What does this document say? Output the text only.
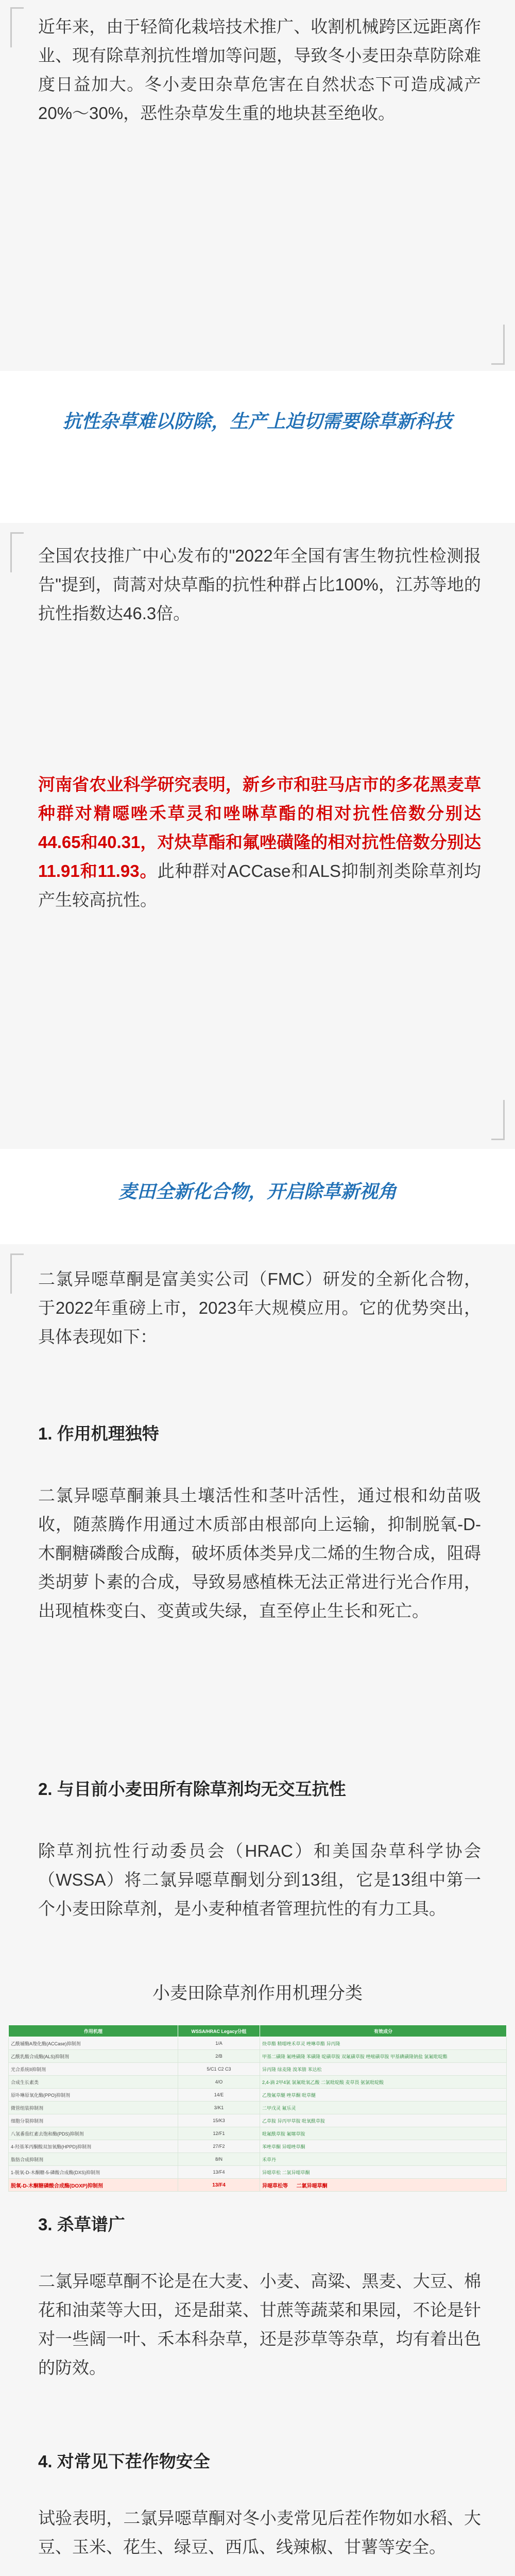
近年来，由于轻简化栽培技术推广、收割机械跨区远距离作业、现有除草剂抗性增加等问题，导致冬小麦田杂草防除难度日益加大。冬小麦田杂草危害在自然状态下可造成减产20%～30%，恶性杂草发生重的地块甚至绝收。

抗性杂草难以防除，生产上迫切需要除草新科技

全国农技推广中心发布的"2022年全国有害生物抗性检测报告"提到，茼蒿对炔草酯的抗性种群占比100%，江苏等地的抗性指数达46.3倍。

河南省农业科学研究表明，新乡市和驻马店市的多花黑麦草种群对精噁唑禾草灵和唑啉草酯的相对抗性倍数分别达44.65和40.31，对炔草酯和氟唑磺隆的相对抗性倍数分别达11.91和11.93。此种群对ACCase和ALS抑制剂类除草剂均产生较高抗性。

麦田全新化合物，开启除草新视角

二氯异噁草酮是富美实公司（FMC）研发的全新化合物，于2022年重磅上市，2023年大规模应用。它的优势突出，具体表现如下：

1. 作用机理独特

二氯异噁草酮兼具土壤活性和茎叶活性，通过根和幼苗吸收，随蒸腾作用通过木质部由根部向上运输，抑制脱氧-D-木酮糖磷酸合成酶，破坏质体类异戊二烯的生物合成，阻碍类胡萝卜素的合成，导致易感植株无法正常进行光合作用，出现植株变白、变黄或失绿，直至停止生长和死亡。

2. 与目前小麦田所有除草剂均无交互抗性

除草剂抗性行动委员会（HRAC）和美国杂草科学协会（WSSA）将二氯异噁草酮划分到13组，它是13组中第一个小麦田除草剂，是小麦种植者管理抗性的有力工具。

小麦田除草剂作用机理分类
作用机理	WSSA/HRAC Legacy分组	有效成分
乙酰辅酶A羧化酶(ACCase)抑制剂	1/A	炔草酯 精噁唑禾草灵 唑啉草酯 异丙隆
乙酰乳酸合成酶(ALS)抑制剂	2/B	甲基二磺隆 氟唑磺隆 苯磺隆 啶磺草胺 双氟磺草胺 唑嘧磺草胺 甲基碘磺隆钠盐 氯氟吡啶酯
光合系统II抑制剂	5/C1 C2 C3	异丙隆 绿麦隆 溴苯腈 苯达松
合成生长素类	4/O	2,4-滴 2甲4氯 氯氟吡氧乙酸 二氯吡啶酸 麦草畏 氨氯吡啶酸
原卟啉原氧化酶(PPO)抑制剂	14/E	乙羧氟草醚 唑草酮 吡草醚
微管组装抑制剂	3/K1	二甲戊灵 氟乐灵
细胞分裂抑制剂	15/K3	乙草胺 异丙甲草胺 吡氧酰草胺
八氢番茄红素去饱和酶(PDS)抑制剂	12/F1	吡氟酰草胺 氟噻草胺
4-羟基苯丙酮酸双加氧酶(HPPD)抑制剂	27/F2	苯唑草酮 异噁唑草酮
脂肪合成抑制剂	8/N	禾草丹
1-脱氧-D-木酮糖-5-磷酸合成酶(DXS)抑制剂	13/F4	异噁草松 二氯异噁草酮
脱氧-D-木酮糖磷酸合成酶(DOXP)抑制剂	13/F4	异噁草松等 二氯异噁草酮

3. 杀草谱广

二氯异噁草酮不论是在大麦、小麦、高粱、黑麦、大豆、棉花和油菜等大田，还是甜菜、甘蔗等蔬菜和果园，不论是针对一些阔一叶、禾本科杂草，还是莎草等杂草，均有着出色的防效。

4. 对常见下茬作物安全

试验表明，二氯异噁草酮对冬小麦常见后茬作物如水稻、大豆、玉米、花生、绿豆、西瓜、线辣椒、甘薯等安全。
